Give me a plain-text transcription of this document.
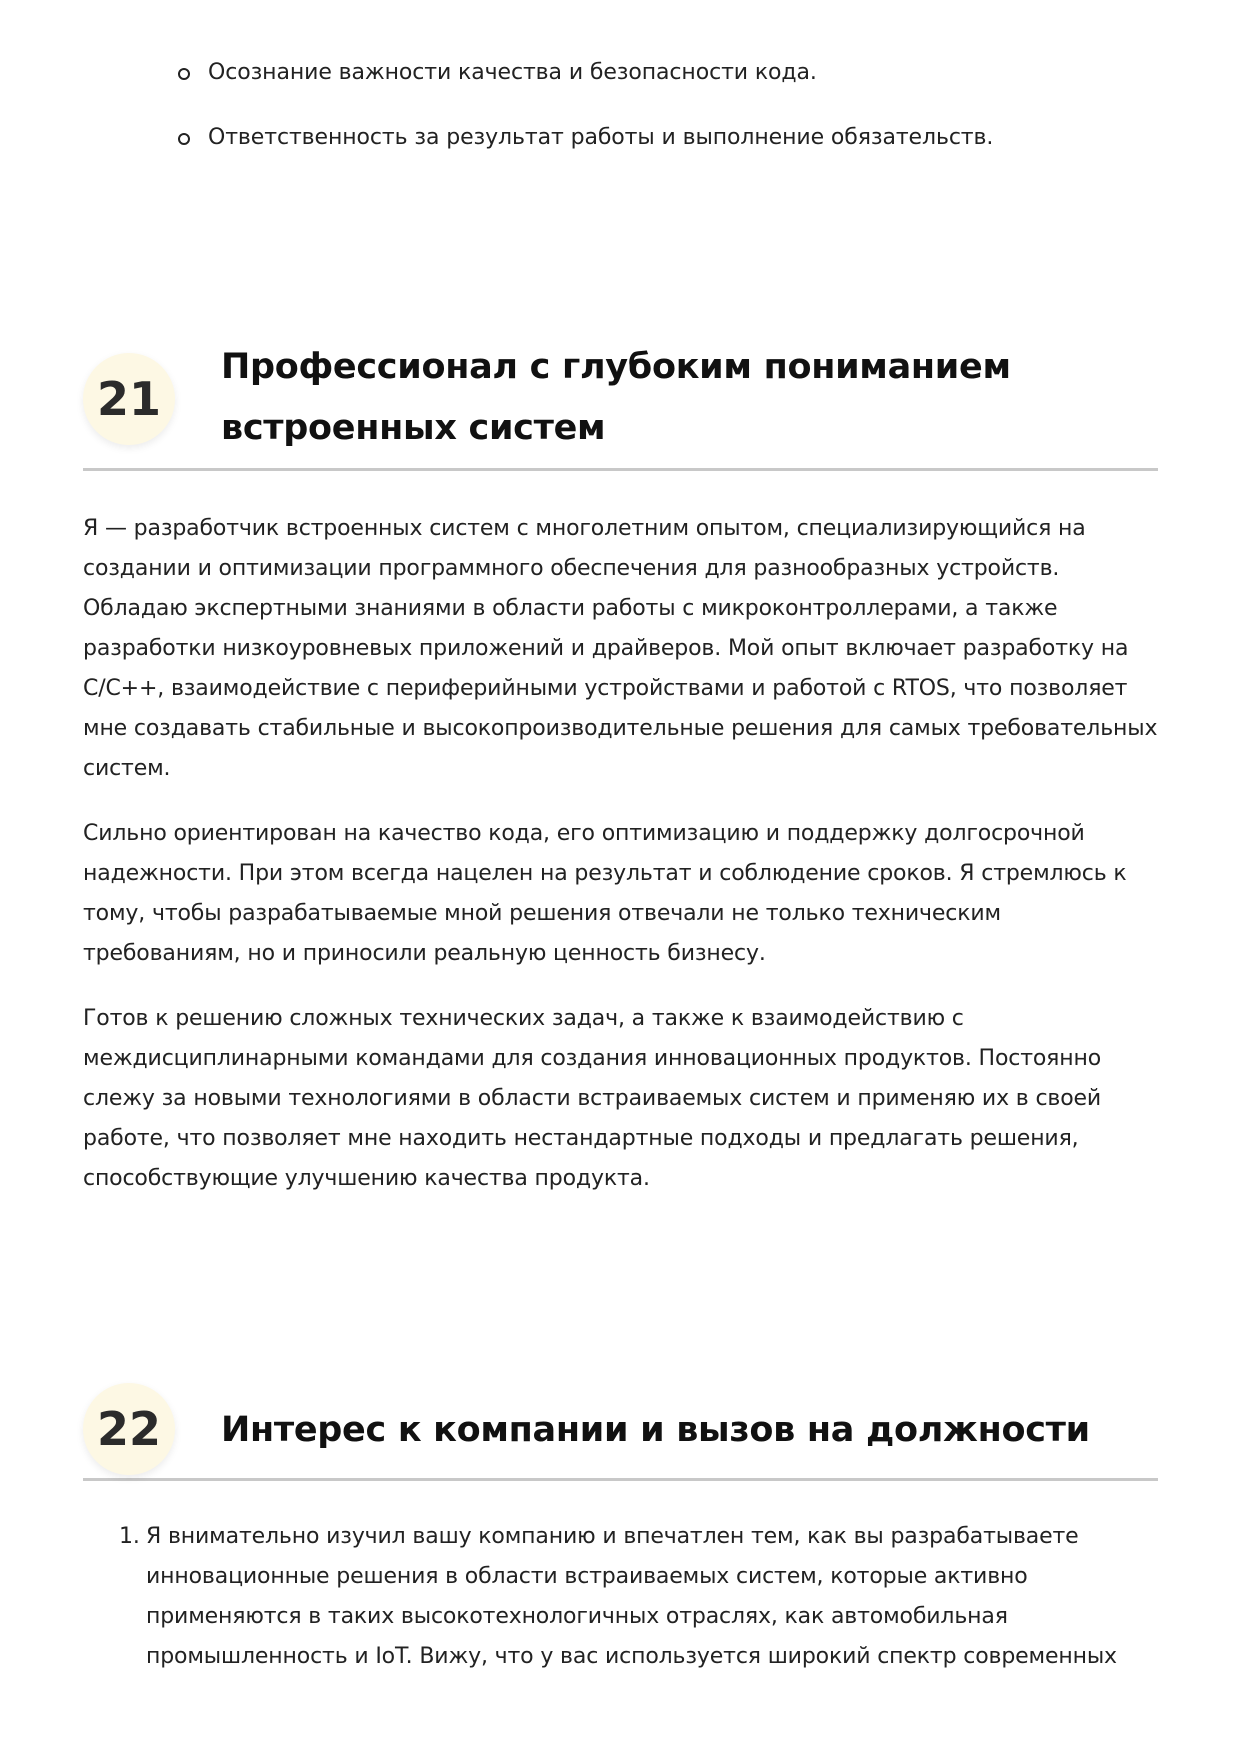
Осознание важности качества и безопасности кода.
Ответственность за результат работы и выполнение обязательств.
21
Профессионал с глубоким пониманием встроенных систем

Я — разработчик встроенных систем с многолетним опытом, специализирующийся на создании и оптимизации программного обеспечения для разнообразных устройств. Обладаю экспертными знаниями в области работы с микроконтроллерами, а также разработки низкоуровневых приложений и драйверов. Мой опыт включает разработку на C/C++, взаимодействие с периферийными устройствами и работой с RTOS, что позволяет мне создавать стабильные и высокопроизводительные решения для самых требовательных систем.

Сильно ориентирован на качество кода, его оптимизацию и поддержку долгосрочной надежности. При этом всегда нацелен на результат и соблюдение сроков. Я стремлюсь к тому, чтобы разрабатываемые мной решения отвечали не только техническим требованиям, но и приносили реальную ценность бизнесу.

Готов к решению сложных технических задач, а также к взаимодействию с междисциплинарными командами для создания инновационных продуктов. Постоянно слежу за новыми технологиями в области встраиваемых систем и применяю их в своей работе, что позволяет мне находить нестандартные подходы и предлагать решения, способствующие улучшению качества продукта.

22	Интерес к компании и вызов на должности
1. Я внимательно изучил вашу компанию и впечатлен тем, как вы разрабатываете инновационные решения в области встраиваемых систем, которые активно применяются в таких высокотехнологичных отраслях, как автомобильная промышленность и IoT. Вижу, что у вас используется широкий спектр современных
